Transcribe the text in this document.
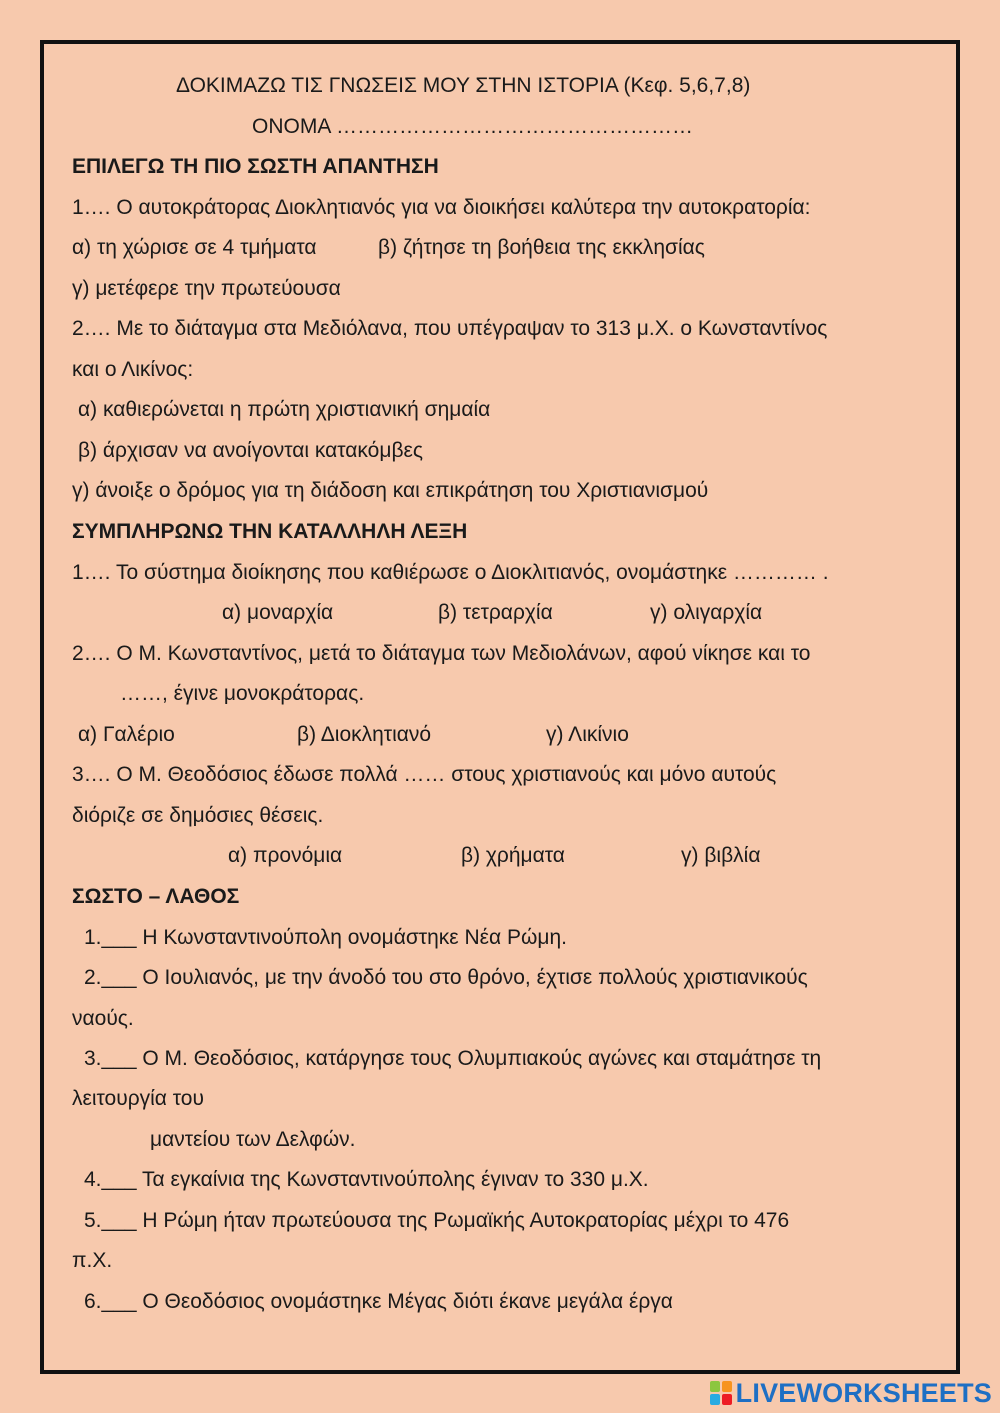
ΔΟΚΙΜΑΖΩ ΤΙΣ ΓΝΩΣΕΙΣ ΜΟΥ ΣΤΗΝ ΙΣΤΟΡΙΑ (Κεφ. 5,6,7,8)
ΟΝΟΜΑ ……………………………………………
ΕΠΙΛΕΓΩ ΤΗ ΠΙΟ ΣΩΣΤΗ ΑΠΑΝΤΗΣΗ
1…. Ο αυτοκράτορας Διοκλητιανός για να διοικήσει καλύτερα την αυτοκρατορία:
α) τη χώρισε σε 4 τμήματα	β) ζήτησε τη βοήθεια της εκκλησίας
γ) μετέφερε την πρωτεύουσα
2…. Με το διάταγμα στα Μεδιόλανα, που υπέγραψαν το 313 μ.Χ. ο Κωνσταντίνος
και ο Λικίνος:
α) καθιερώνεται η πρώτη χριστιανική σημαία
β) άρχισαν να ανοίγονται κατακόμβες
γ) άνοιξε ο δρόμος για τη διάδοση και επικράτηση του Χριστιανισμού
ΣΥΜΠΛΗΡΩΝΩ ΤΗΝ ΚΑΤΑΛΛΗΛΗ ΛΕΞΗ
1…. Το σύστημα διοίκησης που καθιέρωσε ο Διοκλιτιανός, ονομάστηκε ………… .
α) μοναρχία	β) τετραρχία	γ) ολιγαρχία
2…. Ο Μ. Κωνσταντίνος, μετά το διάταγμα των Μεδιολάνων, αφού νίκησε και το
……, έγινε μονοκράτορας.
α) Γαλέριο	β) Διοκλητιανό	γ) Λικίνιο
3…. Ο Μ. Θεοδόσιος έδωσε πολλά …… στους χριστιανούς και μόνο αυτούς
διόριζε σε δημόσιες θέσεις.
α) προνόμια	β) χρήματα	γ) βιβλία
ΣΩΣΤΟ – ΛΑΘΟΣ
1.___ Η Κωνσταντινούπολη ονομάστηκε Νέα Ρώμη.
2.___ Ο Ιουλιανός, με την άνοδό του στο θρόνο, έχτισε πολλούς χριστιανικούς
ναούς.
3.___ Ο Μ. Θεοδόσιος, κατάργησε τους Ολυμπιακούς αγώνες και σταμάτησε τη
λειτουργία του
μαντείου των Δελφών.
4.___ Τα εγκαίνια της Κωνσταντινούπολης έγιναν το 330 μ.Χ.
5.___ Η Ρώμη ήταν πρωτεύουσα της Ρωμαϊκής Αυτοκρατορίας μέχρι το 476
π.Χ.
6.___ Ο Θεοδόσιος ονομάστηκε Μέγας διότι έκανε μεγάλα έργα
LIVEWORKSHEETS
